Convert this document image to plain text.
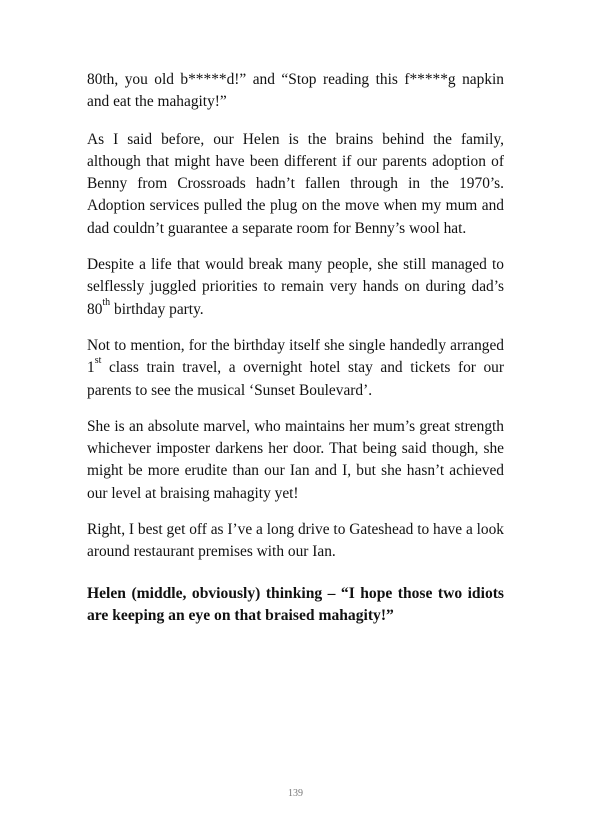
80th, you old b*****d!” and “Stop reading this f*****g napkin and eat the mahagity!”

As I said before, our Helen is the brains behind the family, although that might have been different if our parents adoption of Benny from Crossroads hadn’t fallen through in the 1970’s. Adoption services pulled the plug on the move when my mum and dad couldn’t guarantee a separate room for Benny’s wool hat.

Despite a life that would break many people, she still managed to selflessly juggled priorities to remain very hands on during dad’s 80th birthday party.

Not to mention, for the birthday itself she single handedly arranged 1st class train travel, a overnight hotel stay and tickets for our parents to see the musical ‘Sunset Boulevard’.

She is an absolute marvel, who maintains her mum’s great strength whichever imposter darkens her door. That being said though, she might be more erudite than our Ian and I, but she hasn’t achieved our level at braising mahagity yet!

Right, I best get off as I’ve a long drive to Gateshead to have a look around restaurant premises with our Ian.

Helen (middle, obviously) thinking – “I hope those two idiots are keeping an eye on that braised mahagity!”

139
